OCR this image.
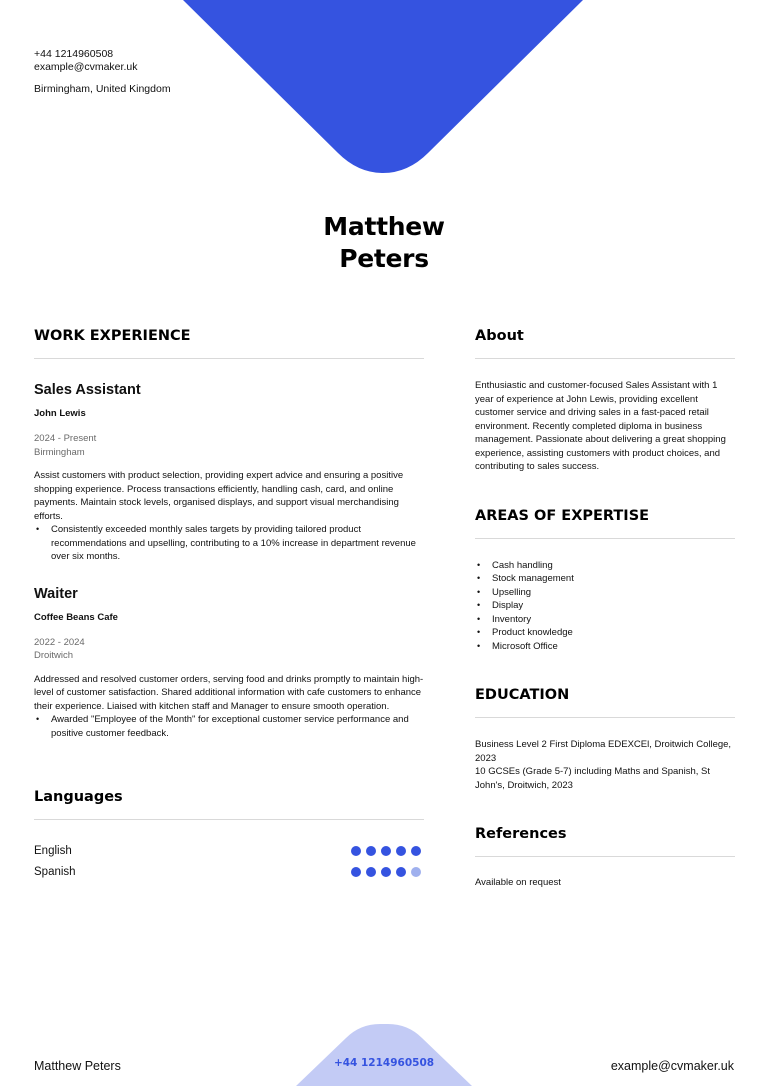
+44 1214960508
example@cvmaker.uk
Birmingham, United Kingdom
Matthew
Peters
WORK EXPERIENCE
Sales Assistant
John Lewis
2024 - Present
Birmingham
Assist customers with product selection, providing expert advice and ensuring a positive shopping experience. Process transactions efficiently, handling cash, card, and online payments. Maintain stock levels, organised displays, and support visual merchandising efforts.
• Consistently exceeded monthly sales targets by providing tailored product recommendations and upselling, contributing to a 10% increase in department revenue over six months.
Waiter
Coffee Beans Cafe
2022 - 2024
Droitwich
Addressed and resolved customer orders, serving food and drinks promptly to maintain high-level of customer satisfaction. Shared additional information with cafe customers to enhance their experience. Liaised with kitchen staff and Manager to ensure smooth operation.
• Awarded "Employee of the Month" for exceptional customer service performance and positive customer feedback.
Languages
English
Spanish
About
Enthusiastic and customer-focused Sales Assistant with 1 year of experience at John Lewis, providing excellent customer service and driving sales in a fast-paced retail environment. Recently completed diploma in business management. Passionate about delivering a great shopping experience, assisting customers with product choices, and contributing to sales success.
AREAS OF EXPERTISE
• Cash handling
• Stock management
• Upselling
• Display
• Inventory
• Product knowledge
• Microsoft Office
EDUCATION
Business Level 2 First Diploma EDEXCEl, Droitwich College, 2023
10 GCSEs (Grade 5-7) including Maths and Spanish, St John's, Droitwich, 2023
References
Available on request
Matthew Peters	+44 1214960508	example@cvmaker.uk
